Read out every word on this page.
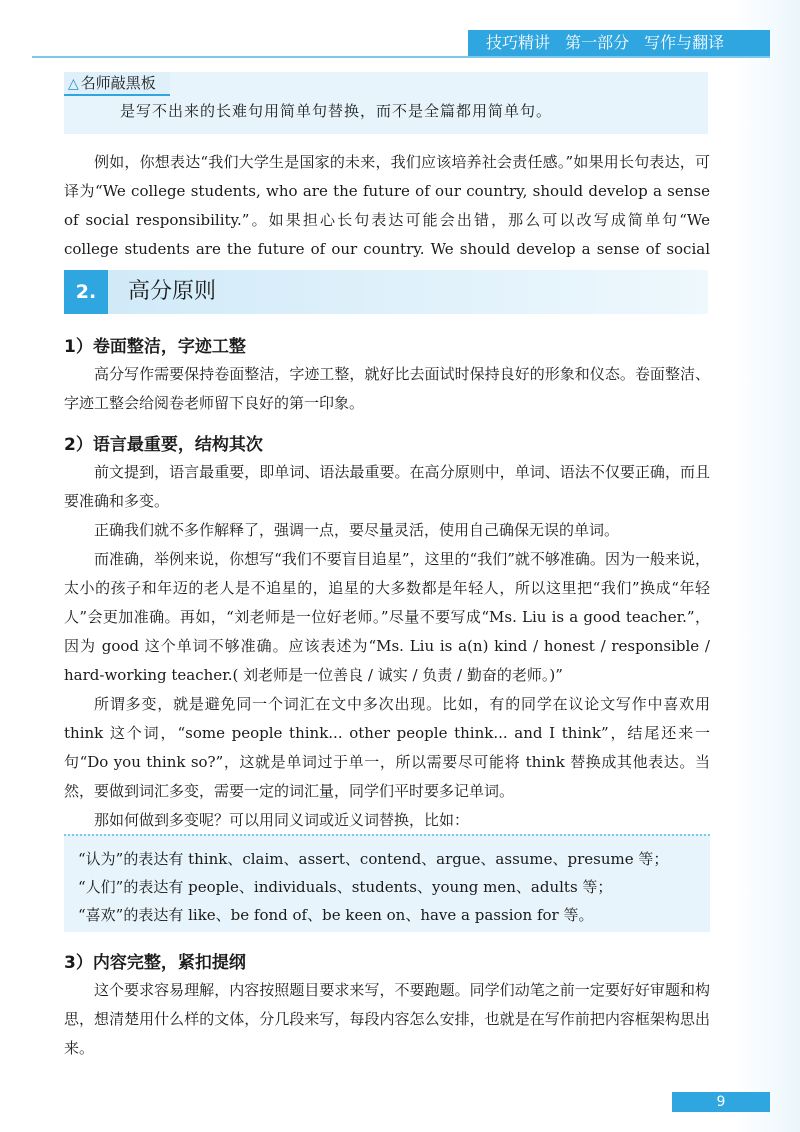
技巧精讲 第一部分 写作与翻译
△ 名师敲黑板
是写不出来的长难句用简单句替换，而不是全篇都用简单句。

例如，你想表达“我们大学生是国家的未来，我们应该培养社会责任感。”如果用长句表达，可译为“We college students, who are the future of our country, should develop a sense of social responsibility.”。如果担心长句表达可能会出错，那么可以改写成简单句“We college students are the future of our country. We should develop a sense of social

2.	高分原则
1）卷面整洁，字迹工整

高分写作需要保持卷面整洁，字迹工整，就好比去面试时保持良好的形象和仪态。卷面整洁、字迹工整会给阅卷老师留下良好的第一印象。

2）语言最重要，结构其次

前文提到，语言最重要，即单词、语法最重要。在高分原则中，单词、语法不仅要正确，而且要准确和多变。

正确我们就不多作解释了，强调一点，要尽量灵活，使用自己确保无误的单词。

而准确，举例来说，你想写“我们不要盲目追星”，这里的“我们”就不够准确。因为一般来说，太小的孩子和年迈的老人是不追星的，追星的大多数都是年轻人，所以这里把“我们”换成“年轻人”会更加准确。再如，“刘老师是一位好老师。”尽量不要写成“Ms. Liu is a good teacher.”，因为 good 这个单词不够准确。应该表述为“Ms. Liu is a(n) kind / honest / responsible / hard-working teacher.( 刘老师是一位善良 / 诚实 / 负责 / 勤奋的老师。)”

所谓多变，就是避免同一个词汇在文中多次出现。比如，有的同学在议论文写作中喜欢用 think 这个词，“some people think... other people think... and I think”，结尾还来一句“Do you think so?”，这就是单词过于单一，所以需要尽可能将 think 替换成其他表达。当然，要做到词汇多变，需要一定的词汇量，同学们平时要多记单词。

那如何做到多变呢？可以用同义词或近义词替换，比如：

“认为”的表达有 think、claim、assert、contend、argue、assume、presume 等；
“人们”的表达有 people、individuals、students、young men、adults 等；
“喜欢”的表达有 like、be fond of、be keen on、have a passion for 等。
3）内容完整，紧扣提纲

这个要求容易理解，内容按照题目要求来写，不要跑题。同学们动笔之前一定要好好审题和构思，想清楚用什么样的文体，分几段来写，每段内容怎么安排，也就是在写作前把内容框架构思出来。

9
